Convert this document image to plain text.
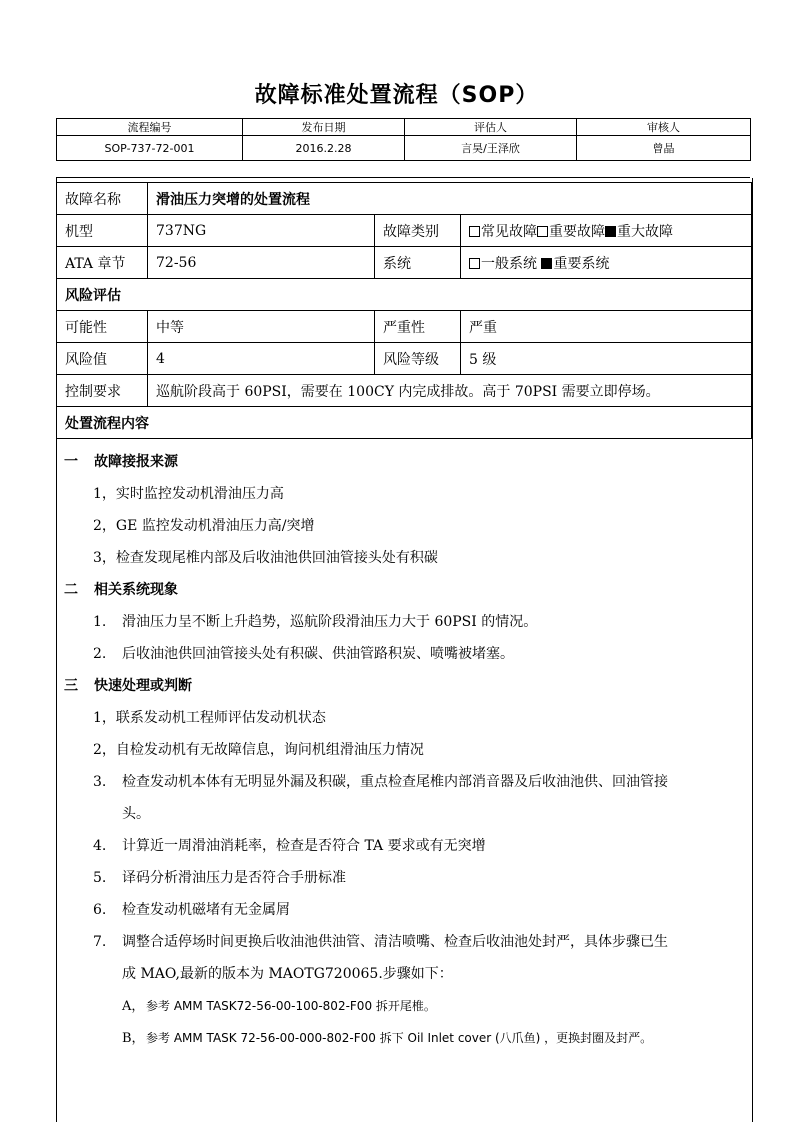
故障标准处置流程（SOP）
流程编号	发布日期	评估人	审核人
SOP-737-72-001	2016.2.28	言昊/王泽欣	曾晶
故障名称	滑油压力突增的处置流程		
机型	737NG	故障类别	常见故障 重要故障 重大故障
ATA 章节	72-56	系统	一般系统 重要系统
风险评估			
可能性	中等	严重性	严重
风险值	4	风险等级	5 级
控制要求	巡航阶段高于 60PSI，需要在 100CY 内完成排故。高于 70PSI 需要立即停场。		
处置流程内容			
一 故障接报来源
1，实时监控发动机滑油压力高
2，GE 监控发动机滑油压力高/突增
3，检查发现尾椎内部及后收油池供回油管接头处有积碳
二 相关系统现象
1. 滑油压力呈不断上升趋势，巡航阶段滑油压力大于 60PSI 的情况。
2. 后收油池供回油管接头处有积碳、供油管路积炭、喷嘴被堵塞。
三 快速处理或判断
1，联系发动机工程师评估发动机状态
2，自检发动机有无故障信息，询问机组滑油压力情况
3. 检查发动机本体有无明显外漏及积碳，重点检查尾椎内部消音器及后收油池供、回油管接
头。
4. 计算近一周滑油消耗率，检查是否符合 TA 要求或有无突增
5. 译码分析滑油压力是否符合手册标准
6. 检查发动机磁堵有无金属屑
7. 调整合适停场时间更换后收油池供油管、清洁喷嘴、检查后收油池处封严，具体步骤已生
成 MAO,最新的版本为 MAOTG720065.步骤如下：
A， 参考 AMM TASK72-56-00-100-802-F00 拆开尾椎。
B，参考 AMM TASK 72-56-00-000-802-F00 拆下 Oil Inlet cover (八爪鱼) ，更换封圈及封严。
